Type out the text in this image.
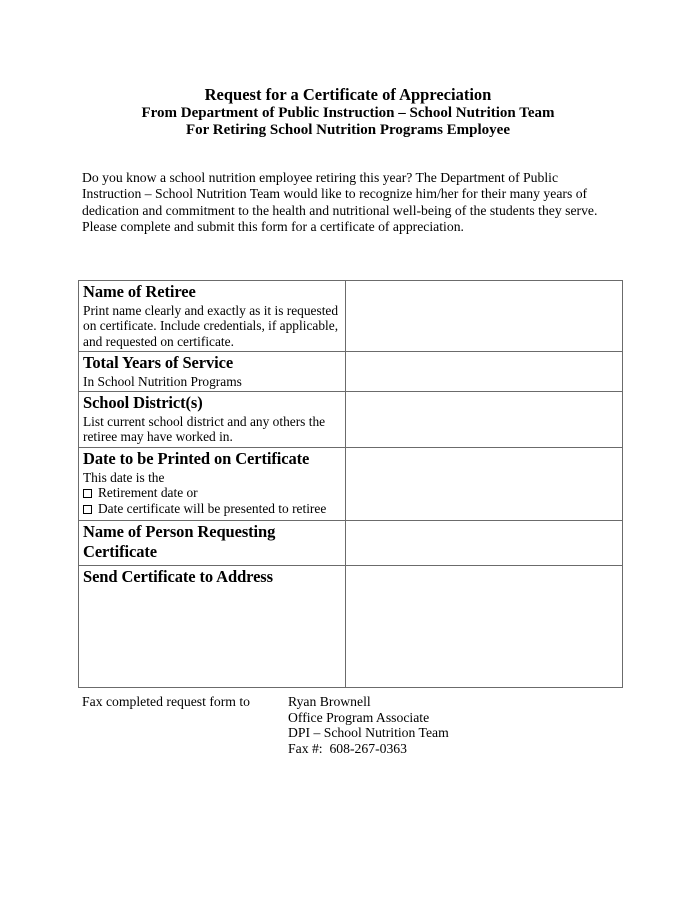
Request for a Certificate of Appreciation
From Department of Public Instruction – School Nutrition Team
For Retiring School Nutrition Programs Employee

Do you know a school nutrition employee retiring this year? The Department of Public Instruction – School Nutrition Team would like to recognize him/her for their many years of dedication and commitment to the health and nutritional well-being of the students they serve. Please complete and submit this form for a certificate of appreciation.

Name of Retiree
Print name clearly and exactly as it is requested on certificate. Include credentials, if applicable, and requested on certificate.	

Total Years of Service
In School Nutrition Programs	

School District(s)
List current school district and any others the retiree may have worked in.	

Date to be Printed on Certificate
This date is the
Retirement date or
Date certificate will be presented to retiree	

Name of Person Requesting Certificate	

Send Certificate to Address	

Fax completed request form to	Ryan Brownell
Office Program Associate
DPI – School Nutrition Team
Fax #:  608-267-0363
